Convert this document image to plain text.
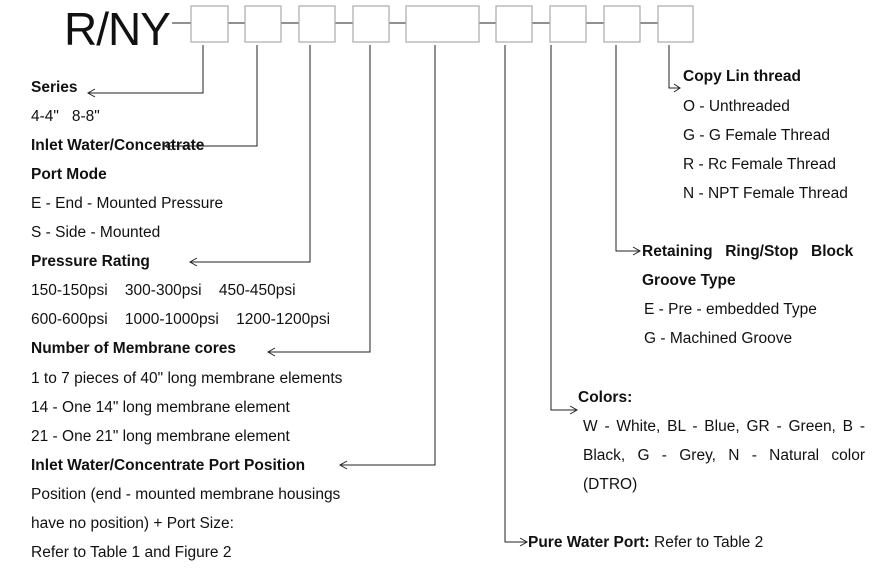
R/NY
Series
4-4"   8-8"
Inlet Water/Concentrate
Port Mode
E - End - Mounted Pressure
S - Side - Mounted
Pressure Rating
150-150psi    300-300psi    450-450psi
600-600psi    1000-1000psi    1200-1200psi
Number of Membrane cores
1 to 7 pieces of 40" long membrane elements
14 - One 14" long membrane element
21 - One 21" long membrane element
Inlet Water/Concentrate Port Position
Position (end - mounted membrane housings
have no position) + Port Size:
Refer to Table 1 and Figure 2
Pure Water Port: Refer to Table 2
Colors:
W - White, BL - Blue, GR - Green, B -
Black, G - Grey, N - Natural color
(DTRO)
Retaining  Ring/Stop  Block
Groove Type
E - Pre - embedded Type
G - Machined Groove
Copy Lin thread
O - Unthreaded
G - G Female Thread
R - Rc Female Thread
N - NPT Female Thread
